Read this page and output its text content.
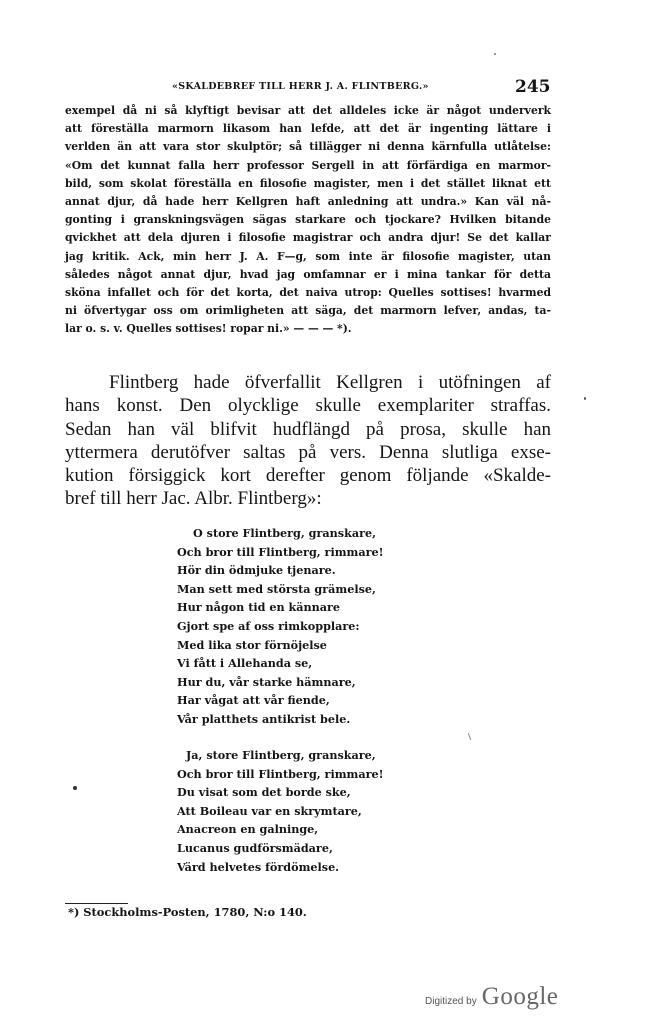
«SKALDEBREF TILL HERR J. A. FLINTBERG.»	245
exempel då ni så klyftigt bevisar att det alldeles icke är något underverk
att föreställa marmorn likasom han lefde, att det är ingenting lättare i
verlden än att vara stor skulptör; så tillägger ni denna kärnfulla utlåtelse:
«Om det kunnat falla herr professor Sergell in att förfärdiga en marmor-
bild, som skolat föreställa en filosofie magister, men i det stället liknat ett
annat djur, då hade herr Kellgren haft anledning att undra.» Kan väl nå-
gonting i granskningsvägen sägas starkare och tjockare? Hvilken bitande
qvickhet att dela djuren i filosofie magistrar och andra djur! Se det kallar
jag kritik. Ack, min herr J. A. F—g, som inte är filosofie magister, utan
således något annat djur, hvad jag omfamnar er i mina tankar för detta
sköna infallet och för det korta, det naiva utrop: Quelles sottises! hvarmed
ni öfvertygar oss om orimligheten att säga, det marmorn lefver, andas, ta-
lar o. s. v. Quelles sottises! ropar ni.» — — — *).
Flintberg hade öfverfallit Kellgren i utöfningen af
hans konst. Den olycklige skulle exemplariter straffas.
Sedan han väl blifvit hudflängd på prosa, skulle han
yttermera derutöfver saltas på vers. Denna slutliga exse-
kution försiggick kort derefter genom följande «Skalde-
bref till herr Jac. Albr. Flintberg»:
O store Flintberg, granskare,
Och bror till Flintberg, rimmare!
Hör din ödmjuke tjenare.
Man sett med största grämelse,
Hur någon tid en kännare
Gjort spe af oss rimkopplare:
Med lika stor förnöjelse
Vi fått i Allehanda se,
Hur du, vår starke hämnare,
Har vågat att vår fiende,
Vår platthets antikrist bele.
Ja, store Flintberg, granskare,
Och bror till Flintberg, rimmare!
Du visat som det borde ske,
Att Boileau var en skrymtare,
Anacreon en galninge,
Lucanus gudförsmädare,
Värd helvetes fördömelse.
*) Stockholms-Posten, 1780, N:o 140.
Digitized by Google
